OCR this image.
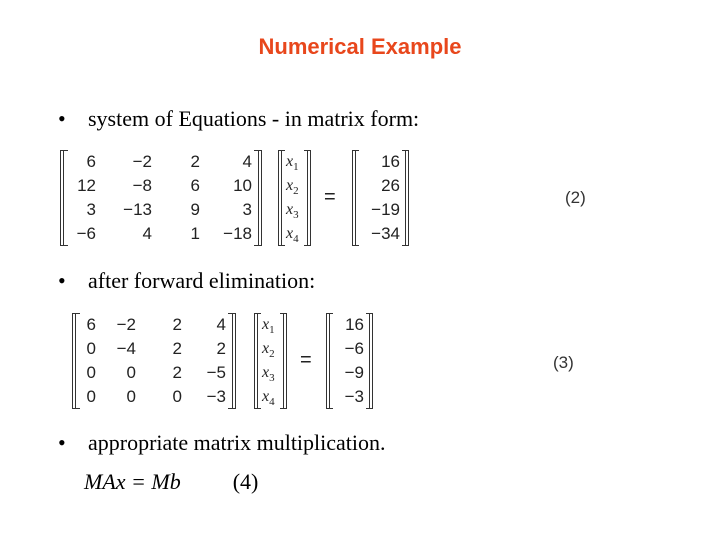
Numerical Example
• system of Equations - in matrix form:
6	−2	2	4
12	−8	6	10
3	−13	9	3
−6	4	1	−18
$x_1$
$x_2$
$x_3$
$x_4$
=
16
26
−19
−34
(2)
• after forward elimination:
6	−2	2	4
0	−4	2	2
0	0	2	−5
0	0	0	−3
$x_1$
$x_2$
$x_3$
$x_4$
=
16
−6
−9
−3
(3)
• appropriate matrix multiplication.
MAx = Mb (4)
